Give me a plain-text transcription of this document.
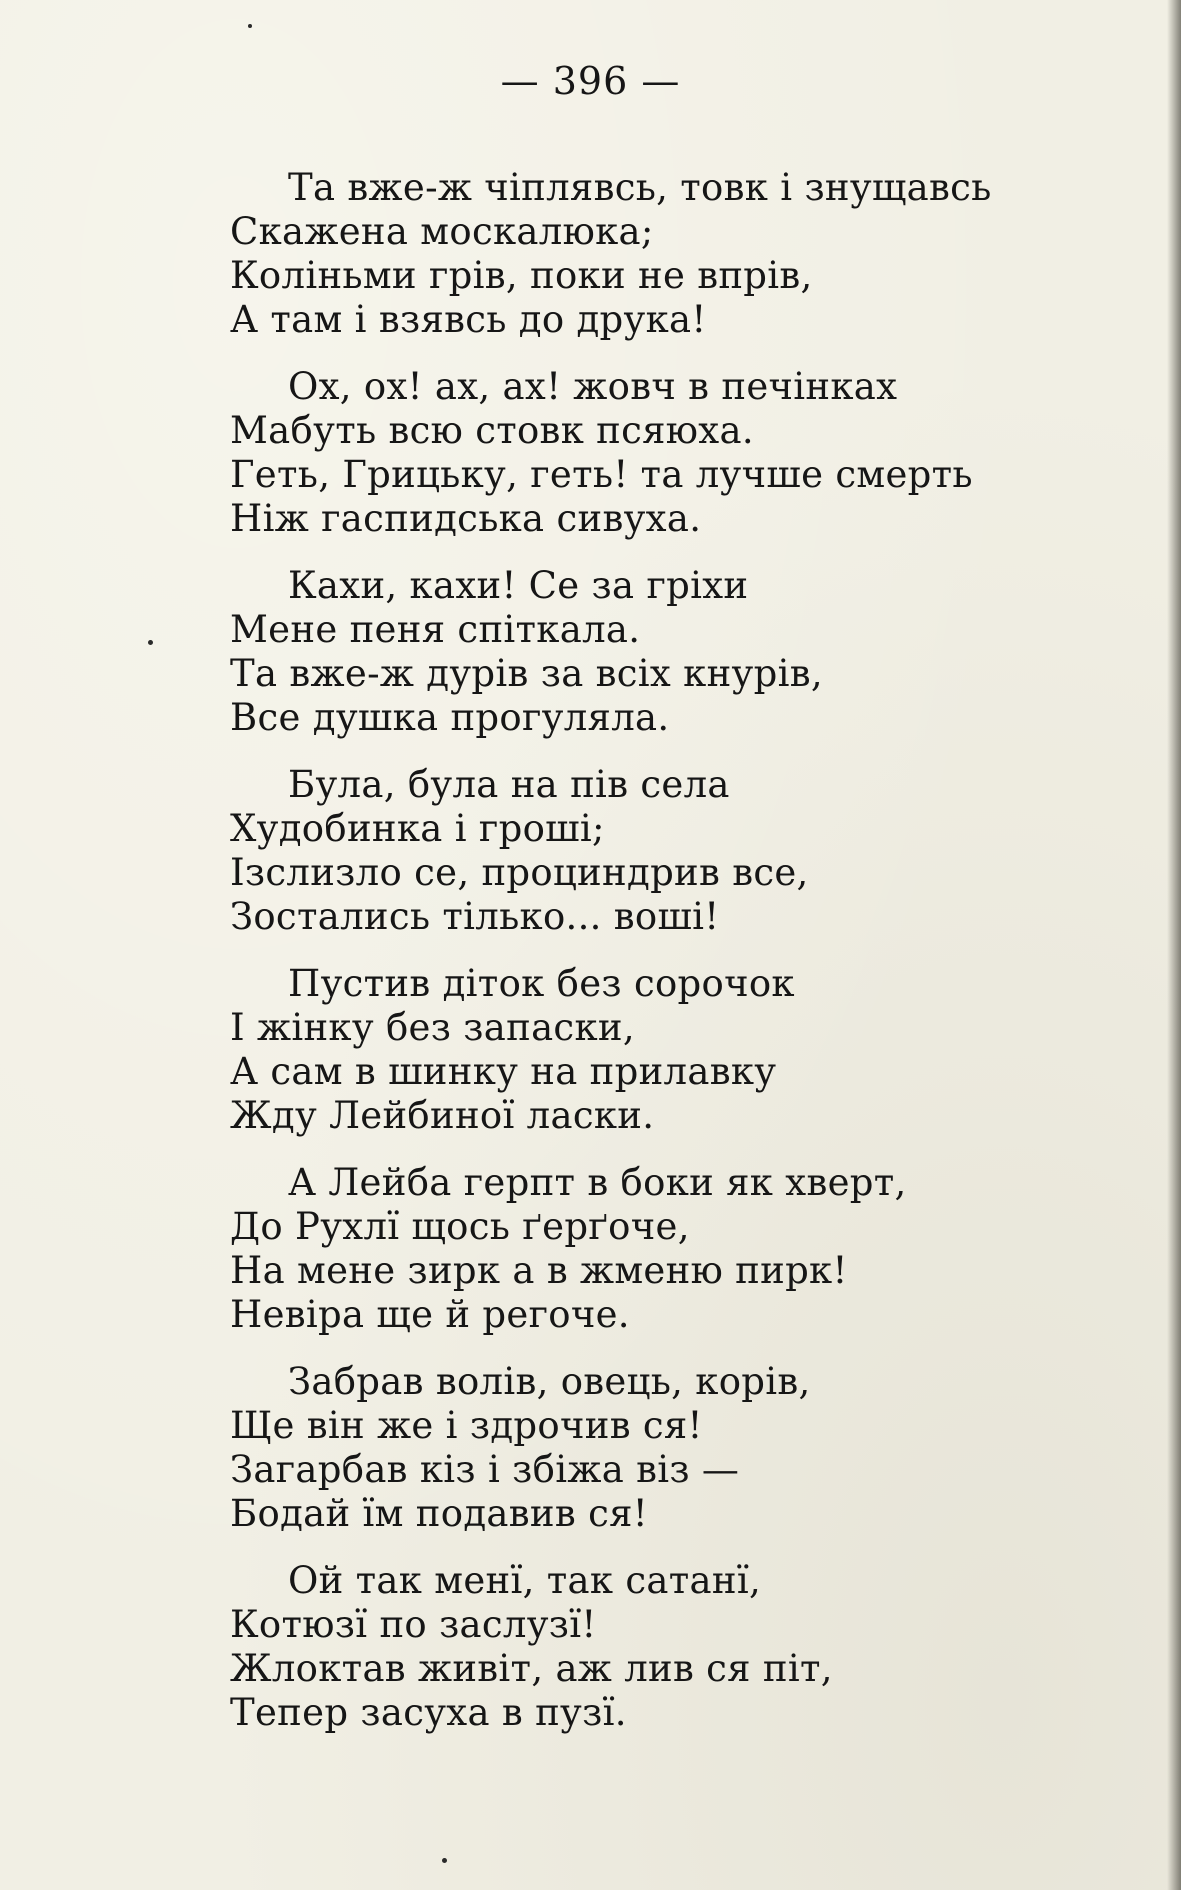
— 396 —
Та вже-ж чіплявсь, товк і знущавсь
Скажена москалюка;
Коліньми грів, поки не впрів,
А там і взявсь до друка!
Ох, ох! ах, ах! жовч в печінках
Мабуть всю стовк псяюха.
Геть, Грицьку, геть! та лучше смерть
Ніж гаспидська сивуха.
Кахи, кахи! Се за гріхи
Мене пеня спіткала.
Та вже-ж дурів за всіх кнурів,
Все душка прогуляла.
Була, була на пів села
Худобинка і гроші;
Ізслизло се, проциндрив все,
Зостались тілько... воші!
Пустив діток без сорочок
І жінку без запаски,
А сам в шинку на прилавку
Жду Лейбиної ласки.
А Лейба герпт в боки як хверт,
До Рухлї щось ґерґоче,
На мене зирк а в жменю пирк!
Невіра ще й регоче.
Забрав волів, овець, корів,
Ще він же і здрочив ся!
Загарбав кіз і збіжа віз —
Бодай їм подавив ся!
Ой так менї, так сатанї,
Котюзї по заслузї!
Жлоктав живіт, аж лив ся піт,
Тепер засуха в пузї.
